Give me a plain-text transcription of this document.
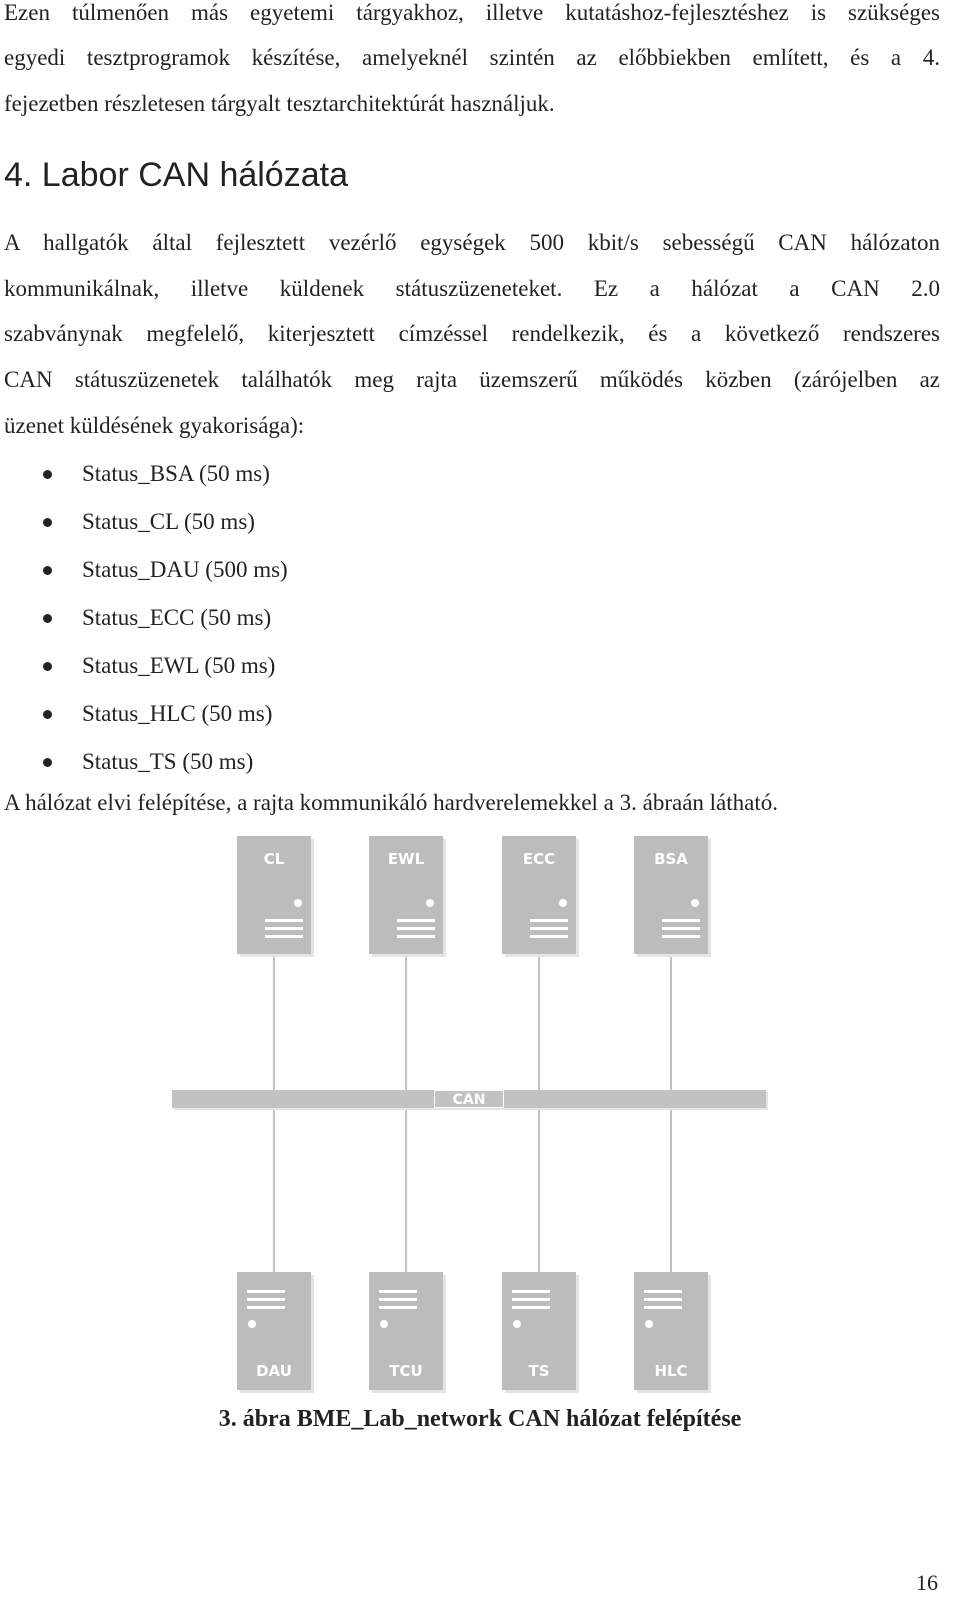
Ezen túlmenően más egyetemi tárgyakhoz, illetve kutatáshoz-fejlesztéshez is szükséges

egyedi tesztprogramok készítése, amelyeknél szintén az előbbiekben említett, és a 4.

fejezetben részletesen tárgyalt tesztarchitektúrát használjuk.

4. Labor CAN hálózata

A hallgatók által fejlesztett vezérlő egységek 500 kbit/s sebességű CAN hálózaton

kommunikálnak, illetve küldenek státuszüzeneteket. Ez a hálózat a CAN 2.0

szabványnak megfelelő, kiterjesztett címzéssel rendelkezik, és a következő rendszeres

CAN státuszüzenetek találhatók meg rajta üzemszerű működés közben (zárójelben az

üzenet küldésének gyakorisága):

Status_BSA (50 ms)
Status_CL (50 ms)
Status_DAU (500 ms)
Status_ECC (50 ms)
Status_EWL (50 ms)
Status_HLC (50 ms)
Status_TS (50 ms)

A hálózat elvi felépítése, a rajta kommunikáló hardverelemekkel a 3. ábraán látható.

CAN
CL	EWL	ECC	BSA
DAU	TCU	TS	HLC
3. ábra BME_Lab_network CAN hálózat felépítése
16
